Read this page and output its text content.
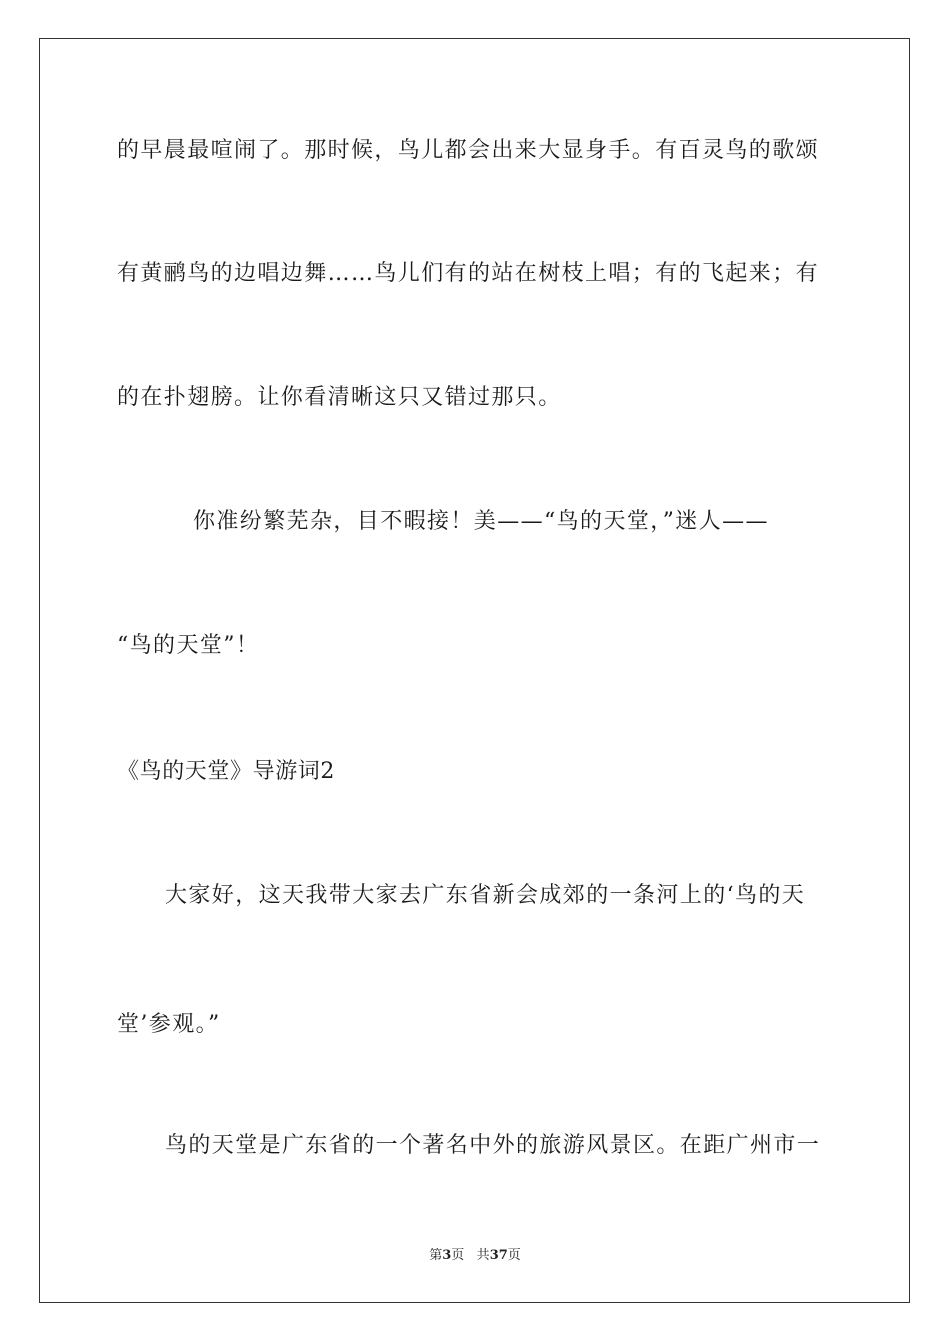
的早晨最喧闹了。那时候，鸟儿都会出来大显身手。有百灵鸟的歌颂
有黄鹂鸟的边唱边舞……鸟儿们有的站在树枝上唱；有的飞起来；有
的在扑翅膀。让你看清晰这只又错过那只。
你准纷繁芜杂，目不暇接！美——“鸟的天堂，”迷人——
“鸟的天堂”！
《鸟的天堂》导游词2
大家好，这天我带大家去广东省新会成郊的一条河上的‘鸟的天
堂’参观。”
鸟的天堂是广东省的一个著名中外的旅游风景区。在距广州市一
第3页 共37页
